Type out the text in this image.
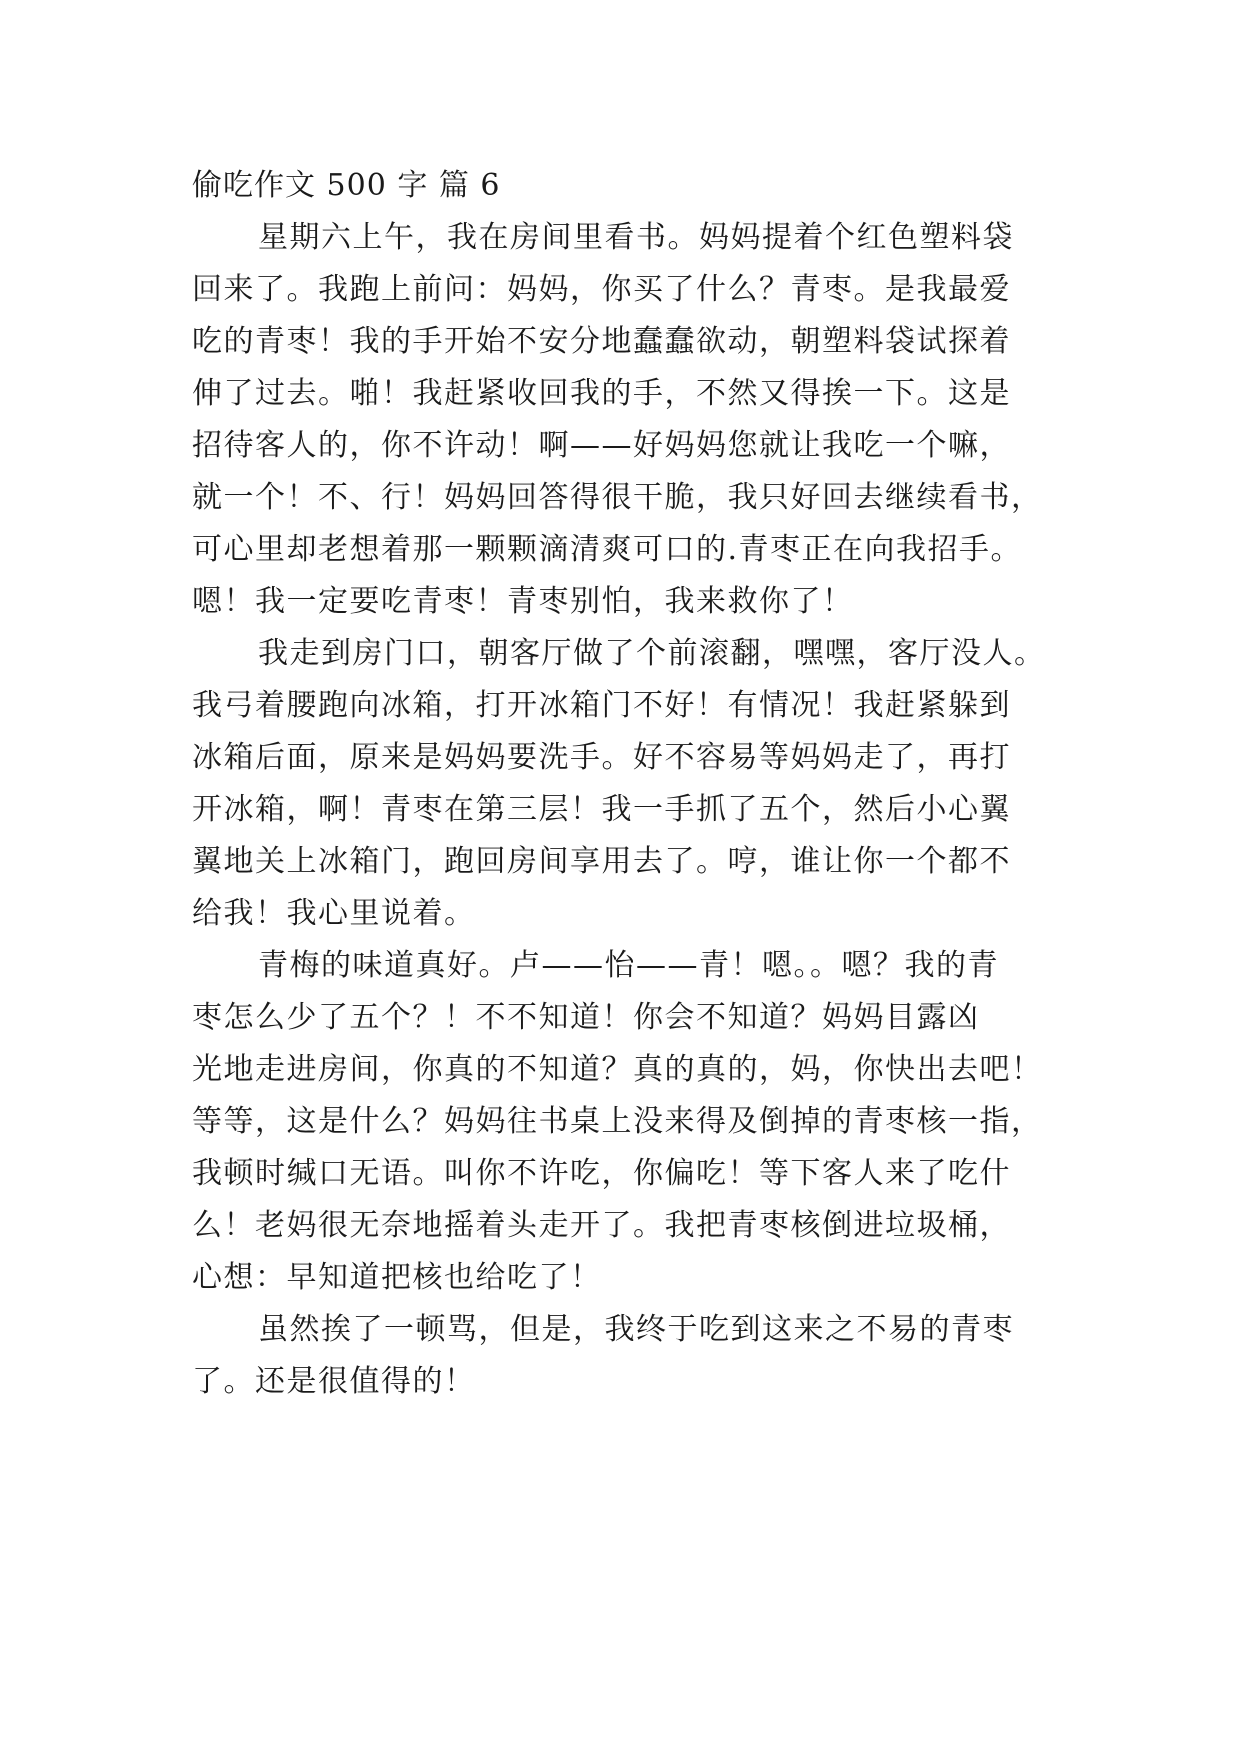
偷吃作文 500 字 篇 6
星期六上午，我在房间里看书。妈妈提着个红色塑料袋
回来了。我跑上前问：妈妈，你买了什么？青枣。是我最爱
吃的青枣！我的手开始不安分地蠢蠢欲动，朝塑料袋试探着
伸了过去。啪！我赶紧收回我的手，不然又得挨一下。这是
招待客人的，你不许动！啊——好妈妈您就让我吃一个嘛，
就一个！不、行！妈妈回答得很干脆，我只好回去继续看书，
可心里却老想着那一颗颗滴清爽可口的.青枣正在向我招手。
嗯！我一定要吃青枣！青枣别怕，我来救你了！
我走到房门口，朝客厅做了个前滚翻，嘿嘿，客厅没人。
我弓着腰跑向冰箱，打开冰箱门不好！有情况！我赶紧躲到
冰箱后面，原来是妈妈要洗手。好不容易等妈妈走了，再打
开冰箱，啊！青枣在第三层！我一手抓了五个，然后小心翼
翼地关上冰箱门，跑回房间享用去了。哼，谁让你一个都不
给我！我心里说着。
青梅的味道真好。卢——怡——青！嗯。。嗯？我的青
枣怎么少了五个？！不不知道！你会不知道？妈妈目露凶
光地走进房间，你真的不知道？真的真的，妈，你快出去吧！
等等，这是什么？妈妈往书桌上没来得及倒掉的青枣核一指，
我顿时缄口无语。叫你不许吃，你偏吃！等下客人来了吃什
么！老妈很无奈地摇着头走开了。我把青枣核倒进垃圾桶，
心想：早知道把核也给吃了！
虽然挨了一顿骂，但是，我终于吃到这来之不易的青枣
了。还是很值得的！
